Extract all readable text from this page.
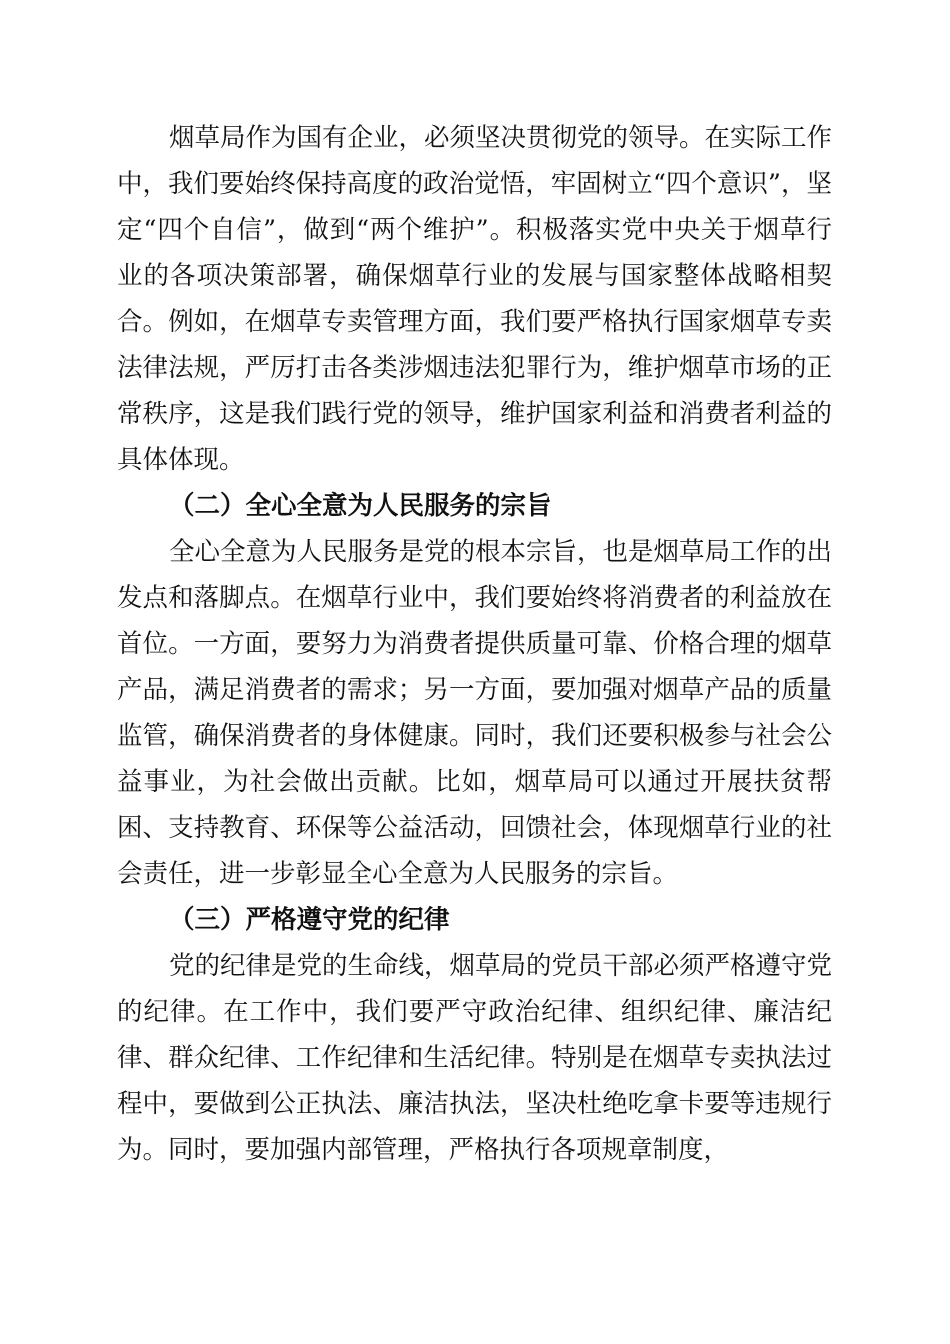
烟草局作为国有企业，必须坚决贯彻党的领导。在实际工作中，我们要始终保持高度的政治觉悟，牢固树立“四个意识”，坚定“四个自信”，做到“两个维护”。积极落实党中央关于烟草行业的各项决策部署，确保烟草行业的发展与国家整体战略相契合。例如，在烟草专卖管理方面，我们要严格执行国家烟草专卖法律法规，严厉打击各类涉烟违法犯罪行为，维护烟草市场的正常秩序，这是我们践行党的领导，维护国家利益和消费者利益的具体体现。

（二）全心全意为人民服务的宗旨

全心全意为人民服务是党的根本宗旨，也是烟草局工作的出发点和落脚点。在烟草行业中，我们要始终将消费者的利益放在首位。一方面，要努力为消费者提供质量可靠、价格合理的烟草产品，满足消费者的需求；另一方面，要加强对烟草产品的质量监管，确保消费者的身体健康。同时，我们还要积极参与社会公益事业，为社会做出贡献。比如，烟草局可以通过开展扶贫帮困、支持教育、环保等公益活动，回馈社会，体现烟草行业的社会责任，进一步彰显全心全意为人民服务的宗旨。

（三）严格遵守党的纪律

党的纪律是党的生命线，烟草局的党员干部必须严格遵守党的纪律。在工作中，我们要严守政治纪律、组织纪律、廉洁纪律、群众纪律、工作纪律和生活纪律。特别是在烟草专卖执法过程中，要做到公正执法、廉洁执法，坚决杜绝吃拿卡要等违规行为。同时，要加强内部管理，严格执行各项规章制度，
